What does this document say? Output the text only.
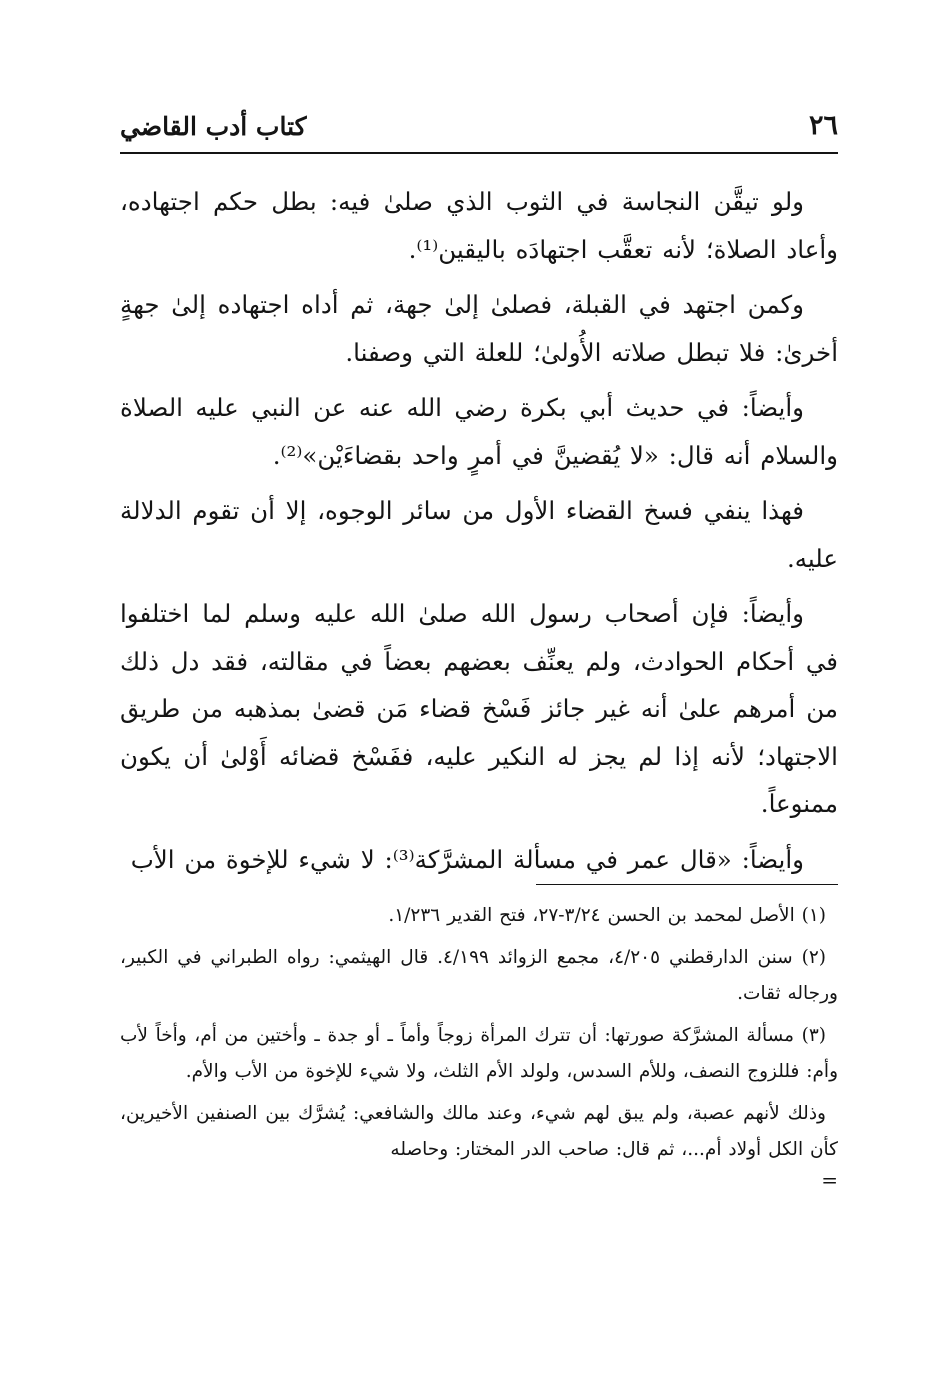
٢٦
كتاب أدب القاضي

ولو تيقَّن النجاسة في الثوب الذي صلىٰ فيه: بطل حكم اجتهاده، وأعاد الصلاة؛ لأنه تعقَّب اجتهادَه باليقين⁽¹⁾.

وكمن اجتهد في القبلة، فصلىٰ إلىٰ جهة، ثم أداه اجتهاده إلىٰ جهةٍ أخرىٰ: فلا تبطل صلاته الأُولىٰ؛ للعلة التي وصفنا.

وأيضاً: في حديث أبي بكرة رضي الله عنه عن النبي عليه الصلاة والسلام أنه قال: «لا يُقضينَّ في أمرٍ واحد بقضاءَيْن»⁽²⁾.

فهذا ينفي فسخ القضاء الأول من سائر الوجوه، إلا أن تقوم الدلالة عليه.

وأيضاً: فإن أصحاب رسول الله صلىٰ الله عليه وسلم لما اختلفوا في أحكام الحوادث، ولم يعنِّف بعضهم بعضاً في مقالته، فقد دل ذلك من أمرهم علىٰ أنه غير جائز فَسْخ قضاء مَن قضىٰ بمذهبه من طريق الاجتهاد؛ لأنه إذا لم يجز له النكير عليه، ففَسْخ قضائه أَوْلىٰ أن يكون ممنوعاً.

وأيضاً: «قال عمر في مسألة المشرَّكة⁽³⁾: لا شيء للإخوة من الأب

(١) الأصل لمحمد بن الحسن ٣/٢٤-٢٧، فتح القدير ١/٢٣٦.

(٢) سنن الدارقطني ٤/٢٠٥، مجمع الزوائد ٤/١٩٩. قال الهيثمي: رواه الطبراني في الكبير، ورجاله ثقات.

(٣) مسألة المشرَّكة صورتها: أن تترك المرأة زوجاً وأماً ـ أو جدة ـ وأختين من أم، وأخاً لأب وأم: فللزوج النصف، وللأم السدس، ولولد الأم الثلث، ولا شيء للإخوة من الأب والأم.

وذلك لأنهم عصبة، ولم يبق لهم شيء، وعند مالك والشافعي: يُشرَّك بين الصنفين الأخيرين، كأن الكل أولاد أم...، ثم قال: صاحب الدر المختار: وحاصله

=
